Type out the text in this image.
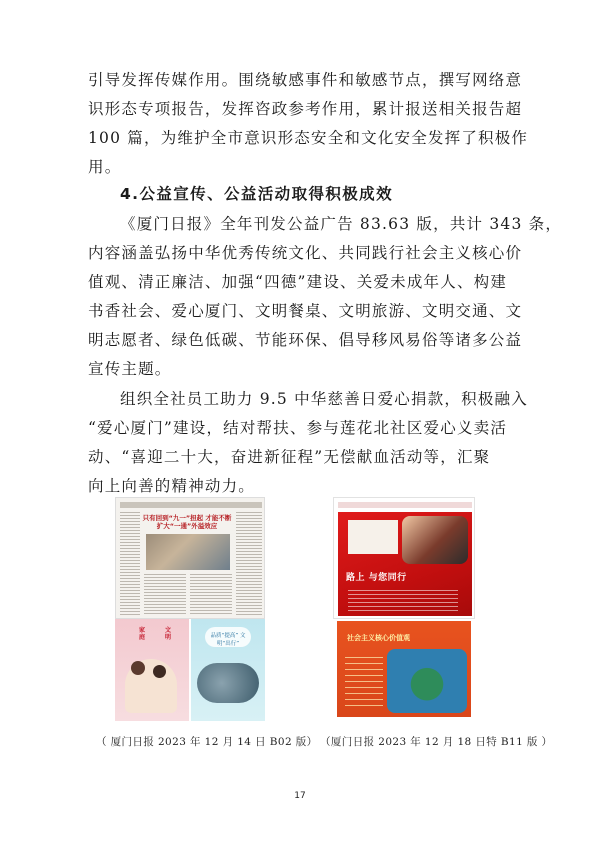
引导发挥传媒作用。围绕敏感事件和敏感节点，撰写网络意
识形态专项报告，发挥咨政参考作用，累计报送相关报告超
100 篇，为维护全市意识形态安全和文化安全发挥了积极作
用。

4.公益宣传、公益活动取得积极成效

《厦门日报》全年刊发公益广告 83.63 版，共计 343 条，
内容涵盖弘扬中华优秀传统文化、共同践行社会主义核心价
值观、清正廉洁、加强“四德”建设、关爱未成年人、构建
书香社会、爱心厦门、文明餐桌、文明旅游、文明交通、文
明志愿者、绿色低碳、节能环保、倡导移风易俗等诸多公益
宣传主题。

组织全社员工助力 9.5 中华慈善日爱心捐款，积极融入
“爱心厦门”建设，结对帮扶、参与莲花北社区爱心义卖活
动、“喜迎二十大，奋进新征程”无偿献血活动等，汇聚
向上向善的精神动力。

只有回到“九一”担起 才能不断扩大“一通”外溢效应
家庭
文明	品质“提高” 文明“出行”
路上 与您同行
社会主义核心价值观
（ 厦门日报 2023 年 12 月 14 日 B02 版） （厦门日报 2023 年 12 月 18 日特 B11 版 ）
17
